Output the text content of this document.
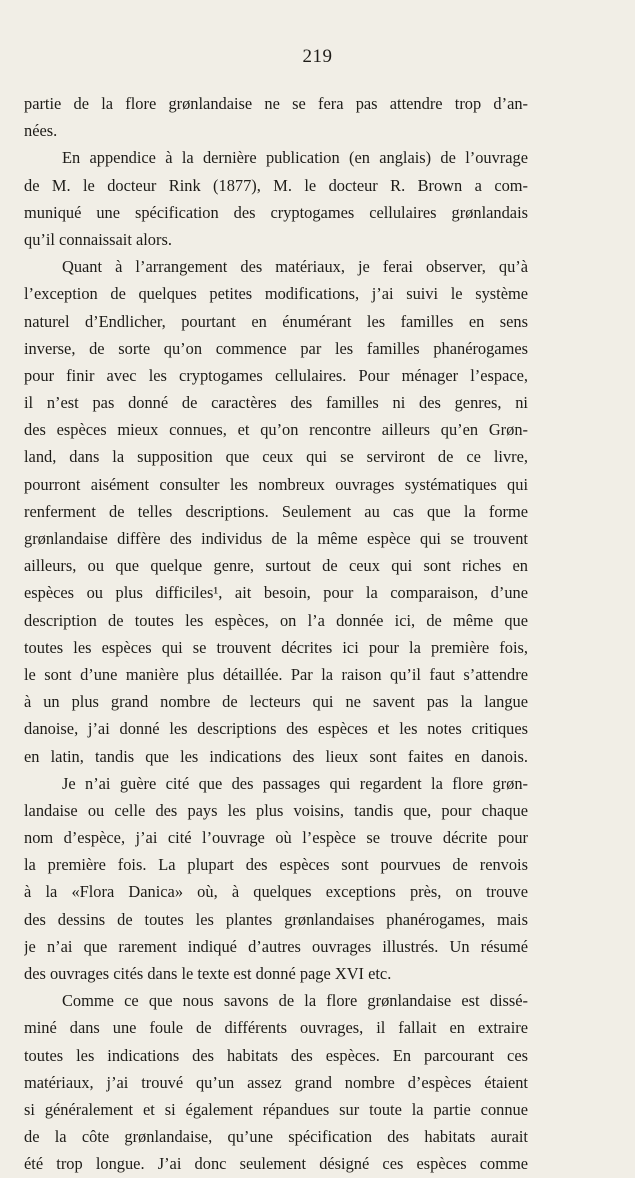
219
partie de la flore grønlandaise ne se fera pas attendre trop d’an-
nées.
En appendice à la dernière publication (en anglais) de l’ouvrage
de M. le docteur Rink (1877), M. le docteur R. Brown a com-
muniqué une spécification des cryptogames cellulaires grønlandais
qu’il connaissait alors.
Quant à l’arrangement des matériaux, je ferai observer, qu’à
l’exception de quelques petites modifications, j’ai suivi le système
naturel d’Endlicher, pourtant en énumérant les familles en sens
inverse, de sorte qu’on commence par les familles phanérogames
pour finir avec les cryptogames cellulaires. Pour ménager l’espace,
il n’est pas donné de caractères des familles ni des genres, ni
des espèces mieux connues, et qu’on rencontre ailleurs qu’en Grøn-
land, dans la supposition que ceux qui se serviront de ce livre,
pourront aisément consulter les nombreux ouvrages systématiques qui
renferment de telles descriptions. Seulement au cas que la forme
grønlandaise diffère des individus de la même espèce qui se trouvent
ailleurs, ou que quelque genre, surtout de ceux qui sont riches en
espèces ou plus difficiles¹, ait besoin, pour la comparaison, d’une
description de toutes les espèces, on l’a donnée ici, de même que
toutes les espèces qui se trouvent décrites ici pour la première fois,
le sont d’une manière plus détaillée. Par la raison qu’il faut s’attendre
à un plus grand nombre de lecteurs qui ne savent pas la langue
danoise, j’ai donné les descriptions des espèces et les notes critiques
en latin, tandis que les indications des lieux sont faites en danois.
Je n’ai guère cité que des passages qui regardent la flore grøn-
landaise ou celle des pays les plus voisins, tandis que, pour chaque
nom d’espèce, j’ai cité l’ouvrage où l’espèce se trouve décrite pour
la première fois. La plupart des espèces sont pourvues de renvois
à la «Flora Danica» où, à quelques exceptions près, on trouve
des dessins de toutes les plantes grønlandaises phanérogames, mais
je n’ai que rarement indiqué d’autres ouvrages illustrés. Un résumé
des ouvrages cités dans le texte est donné page XVI etc.
Comme ce que nous savons de la flore grønlandaise est dissé-
miné dans une foule de différents ouvrages, il fallait en extraire
toutes les indications des habitats des espèces. En parcourant ces
matériaux, j’ai trouvé qu’un assez grand nombre d’espèces étaient
si généralement et si également répandues sur toute la partie connue
de la côte grønlandaise, qu’une spécification des habitats aurait
été trop longue. J’ai donc seulement désigné ces espèces comme
